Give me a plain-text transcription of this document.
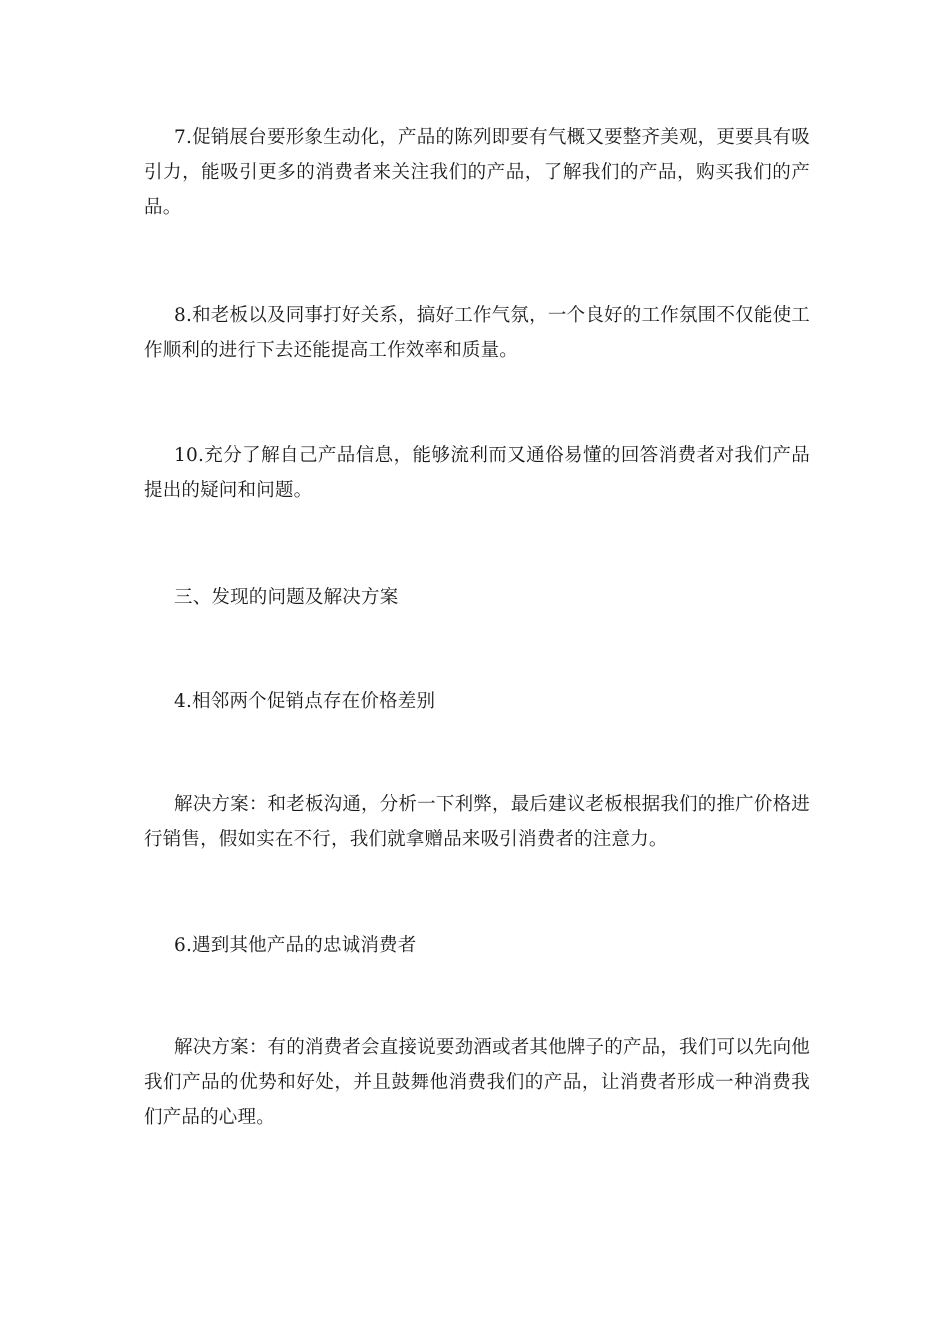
7.促销展台要形象生动化，产品的陈列即要有气概又要整齐美观，更要具有吸引力，能吸引更多的消费者来关注我们的产品，了解我们的产品，购买我们的产品。

8.和老板以及同事打好关系，搞好工作气氛，一个良好的工作氛围不仅能使工作顺利的进行下去还能提高工作效率和质量。

10.充分了解自己产品信息，能够流利而又通俗易懂的回答消费者对我们产品提出的疑问和问题。

三、发现的问题及解决方案

4.相邻两个促销点存在价格差别

解决方案：和老板沟通，分析一下利弊，最后建议老板根据我们的推广价格进行销售，假如实在不行，我们就拿赠品来吸引消费者的注意力。

6.遇到其他产品的忠诚消费者

解决方案：有的消费者会直接说要劲酒或者其他牌子的产品，我们可以先向他我们产品的优势和好处，并且鼓舞他消费我们的产品，让消费者形成一种消费我们产品的心理。
